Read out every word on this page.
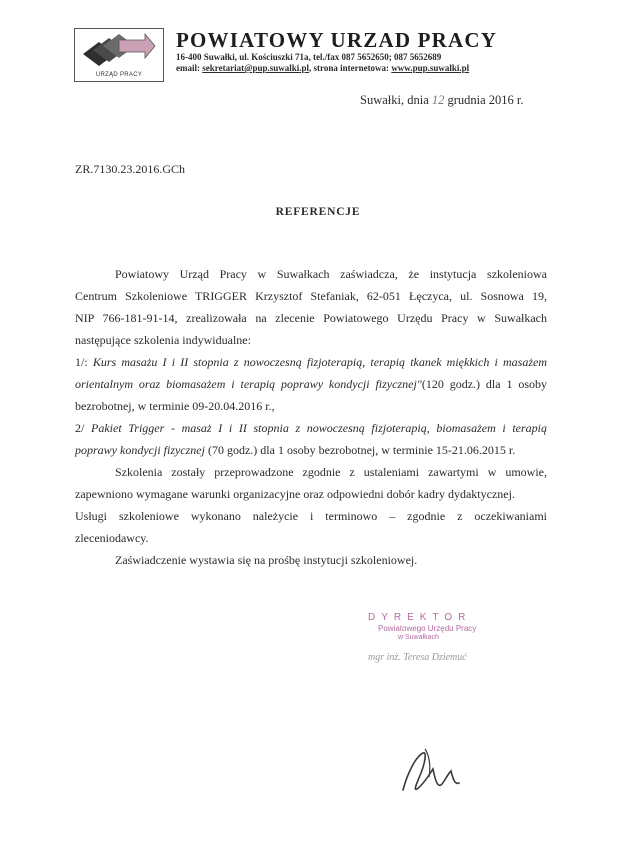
URZĄD PRACY
POWIATOWY URZAD PRACY
16-400 Suwałki, ul. Kościuszki 71a, tel./fax 087 5652650; 087 5652689
email: sekretariat@pup.suwalki.pl, strona internetowa: www.pup.suwalki.pl
Suwałki, dnia 12 grudnia 2016 r.
ZR.7130.23.2016.GCh
REFERENCJE
Powiatowy Urząd Pracy w Suwałkach zaświadcza, że instytucja szkoleniowa
Centrum Szkoleniowe TRIGGER Krzysztof Stefaniak, 62-051 Łęczyca, ul. Sosnowa 19,
NIP 766-181-91-14, zrealizowała na zlecenie Powiatowego Urzędu Pracy w Suwałkach
następujące szkolenia indywidualne:
1/: Kurs masażu I i II stopnia z nowoczesną fizjoterapią, terapią tkanek miękkich i masażem
orientalnym oraz biomasażem i terapią poprawy kondycji fizycznej"(120 godz.) dla 1 osoby
bezrobotnej, w terminie 09-20.04.2016 r.,
2/ Pakiet Trigger - masaż I i II stopnia z nowoczesną fizjoterapią, biomasażem i terapią
poprawy kondycji fizycznej (70 godz.) dla 1 osoby bezrobotnej, w terminie 15-21.06.2015 r.
Szkolenia zostały przeprowadzone zgodnie z ustaleniami zawartymi w umowie,
zapewniono wymagane warunki organizacyjne oraz odpowiedni dobór kadry dydaktycznej.
Usługi szkoleniowe wykonano należycie i terminowo – zgodnie z oczekiwaniami
zleceniodawcy.
Zaświadczenie wystawia się na prośbę instytucji szkoleniowej.
DYREKTOR
Powiatowego Urzędu Pracy
w Suwałkach
mgr inż. Teresa Dziemuć
